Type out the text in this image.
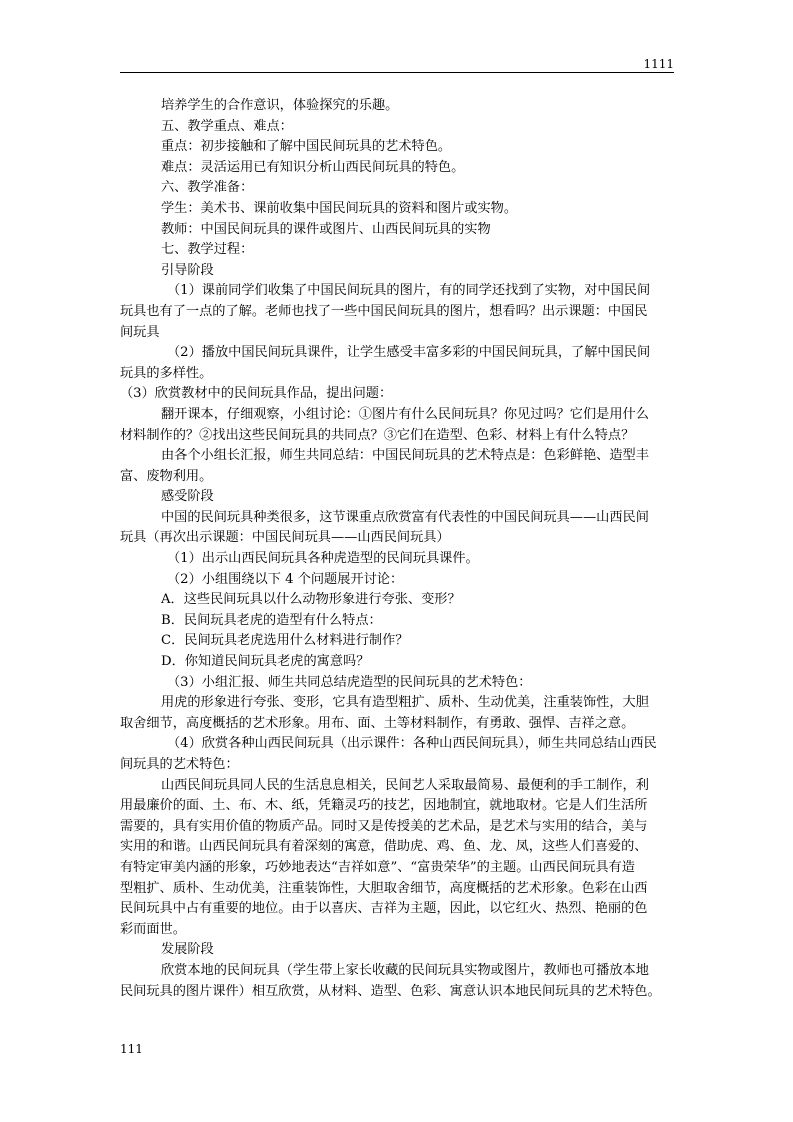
1111

培养学生的合作意识，体验探究的乐趣。

五、教学重点、难点：

重点：初步接触和了解中国民间玩具的艺术特色。

难点：灵活运用已有知识分析山西民间玩具的特色。

六、教学准备：

学生：美术书、课前收集中国民间玩具的资料和图片或实物。

教师：中国民间玩具的课件或图片、山西民间玩具的实物

七、教学过程：

引导阶段

（1）课前同学们收集了中国民间玩具的图片，有的同学还找到了实物，对中国民间

玩具也有了一点的了解。老师也找了一些中国民间玩具的图片，想看吗？出示课题：中国民

间玩具

（2）播放中国民间玩具课件，让学生感受丰富多彩的中国民间玩具，了解中国民间

玩具的多样性。

（3）欣赏教材中的民间玩具作品，提出问题：

翻开课本，仔细观察，小组讨论：①图片有什么民间玩具？你见过吗？它们是用什么

材料制作的？②找出这些民间玩具的共同点？③它们在造型、色彩、材料上有什么特点？

由各个小组长汇报，师生共同总结：中国民间玩具的艺术特点是：色彩鲜艳、造型丰

富、废物利用。

感受阶段

中国的民间玩具种类很多，这节课重点欣赏富有代表性的中国民间玩具——山西民间

玩具（再次出示课题：中国民间玩具——山西民间玩具）

（1）出示山西民间玩具各种虎造型的民间玩具课件。

（2）小组围绕以下 4 个问题展开讨论：

A．这些民间玩具以什么动物形象进行夸张、变形？

B．民间玩具老虎的造型有什么特点：

C．民间玩具老虎选用什么材料进行制作？

D．你知道民间玩具老虎的寓意吗？

（3）小组汇报、师生共同总结虎造型的民间玩具的艺术特色：

用虎的形象进行夸张、变形，它具有造型粗扩、质朴、生动优美，注重装饰性，大胆

取舍细节，高度概括的艺术形象。用布、面、土等材料制作，有勇敢、强悍、吉祥之意。

（4）欣赏各种山西民间玩具（出示课件：各种山西民间玩具），师生共同总结山西民

间玩具的艺术特色：

山西民间玩具同人民的生活息息相关，民间艺人采取最简易、最便利的手工制作，利

用最廉价的面、土、布、木、纸，凭籍灵巧的技艺，因地制宜，就地取材。它是人们生活所

需要的，具有实用价值的物质产品。同时又是传授美的艺术品，是艺术与实用的结合，美与

实用的和谐。山西民间玩具有着深刻的寓意，借助虎、鸡、鱼、龙、凤，这些人们喜爱的、

有特定审美内涵的形象，巧妙地表达“吉祥如意”、“富贵荣华”的主题。山西民间玩具有造

型粗扩、质朴、生动优美，注重装饰性，大胆取舍细节，高度概括的艺术形象。色彩在山西

民间玩具中占有重要的地位。由于以喜庆、吉祥为主题，因此，以它红火、热烈、艳丽的色

彩而面世。

发展阶段

欣赏本地的民间玩具（学生带上家长收藏的民间玩具实物或图片，教师也可播放本地

民间玩具的图片课件）相互欣赏，从材料、造型、色彩、寓意认识本地民间玩具的艺术特色。

111
